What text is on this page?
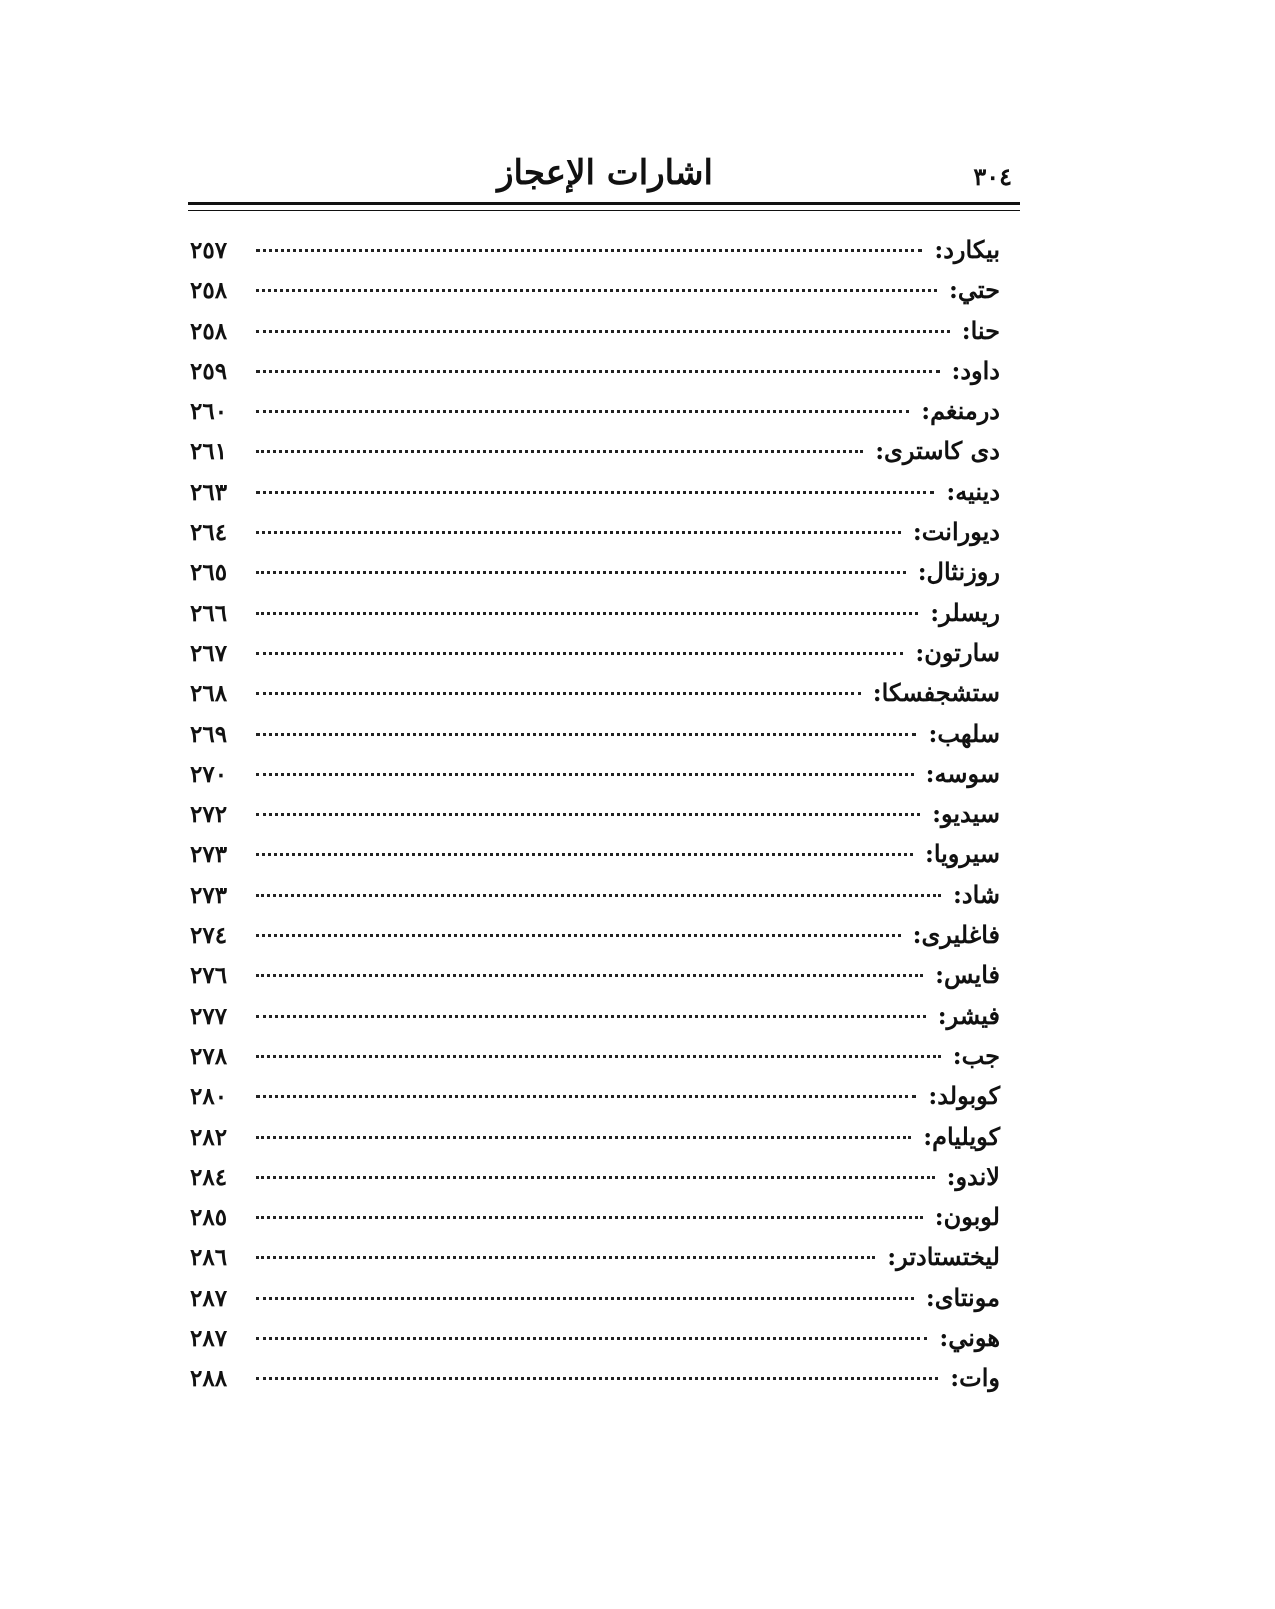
اشارات الإعجاز	٣٠٤
بيكارد:
٢٥٧
حتي:
٢٥٨
حنا:
٢٥٨
داود:
٢٥٩
درمنغم:
٢٦٠
دى كاسترى:
٢٦١
دينيه:
٢٦٣
ديورانت:
٢٦٤
روزنثال:
٢٦٥
ريسلر:
٢٦٦
سارتون:
٢٦٧
ستشجفسكا:
٢٦٨
سلهب:
٢٦٩
سوسه:
٢٧٠
سيديو:
٢٧٢
سيرويا:
٢٧٣
شاد:
٢٧٣
فاغليرى:
٢٧٤
فايس:
٢٧٦
فيشر:
٢٧٧
جب:
٢٧٨
كوبولد:
٢٨٠
كويليام:
٢٨٢
لاندو:
٢٨٤
لوبون:
٢٨٥
ليختستادتر:
٢٨٦
مونتاى:
٢٨٧
هوني:
٢٨٧
وات:
٢٨٨
